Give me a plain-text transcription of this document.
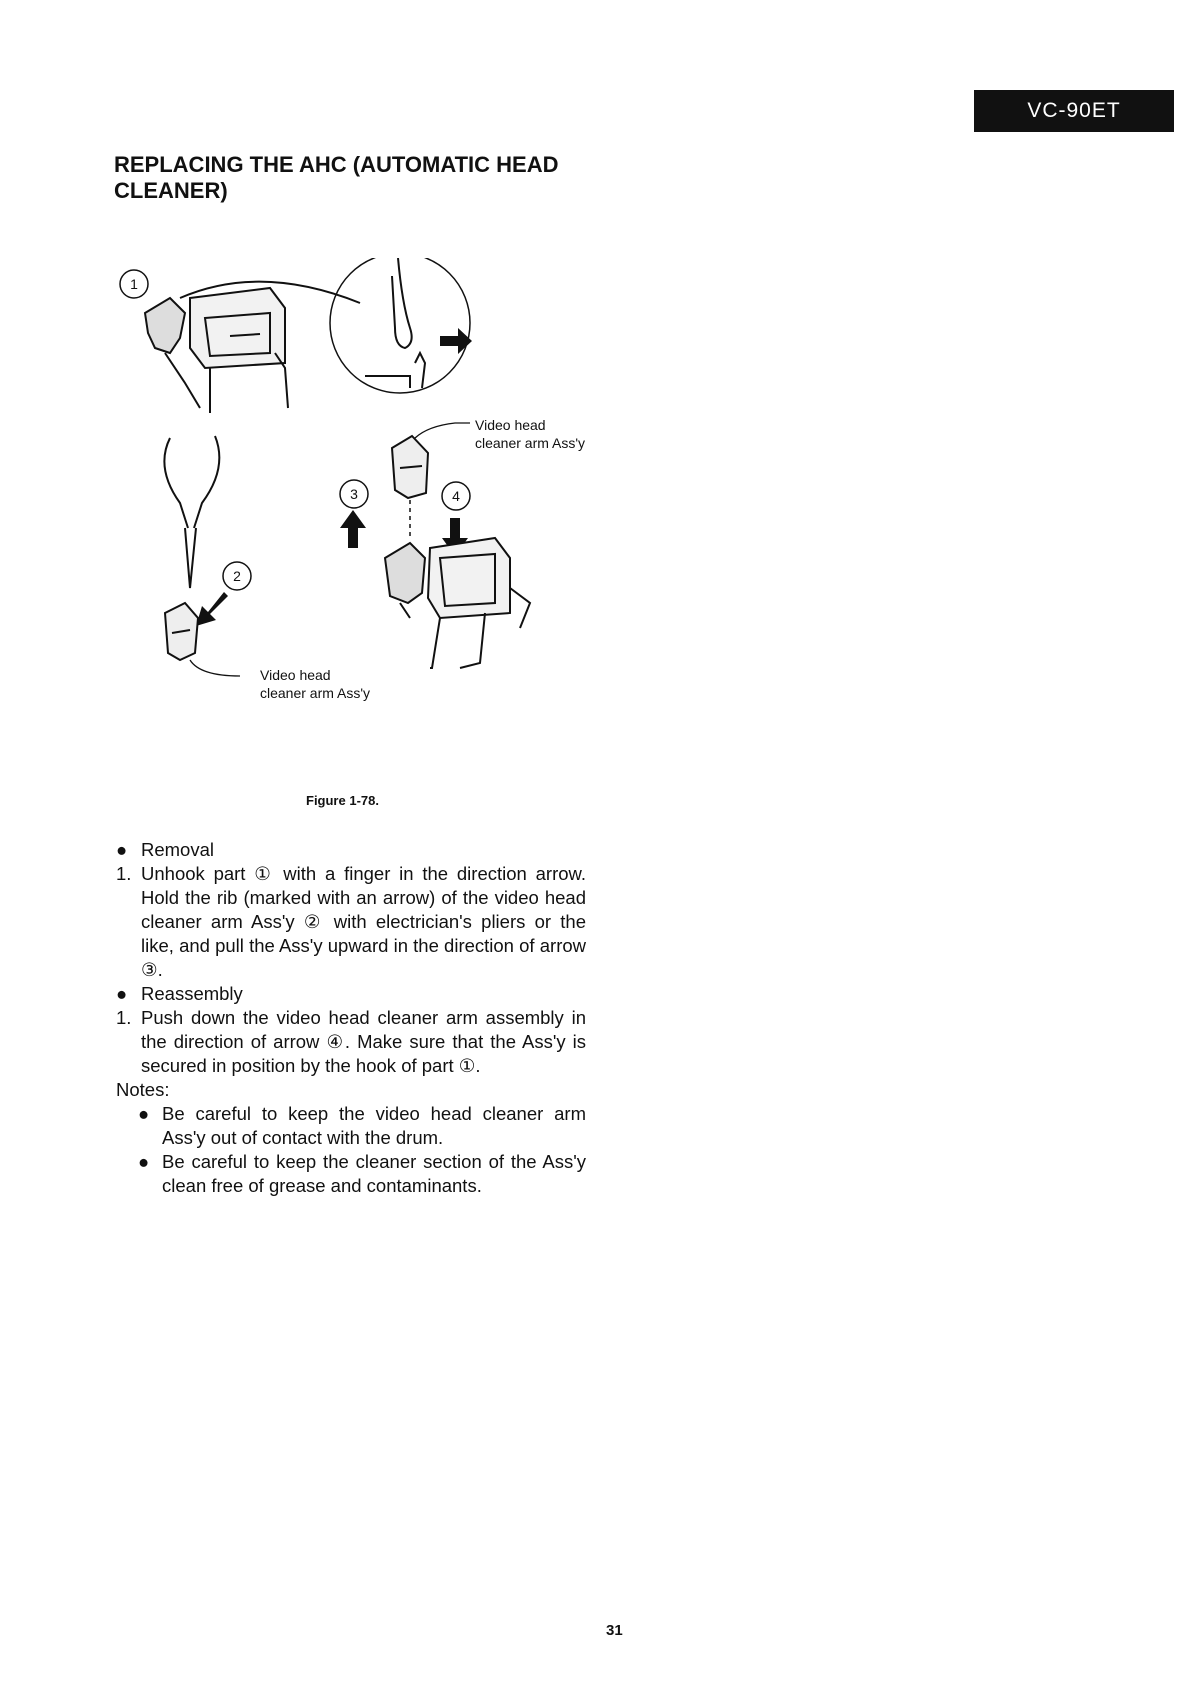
VC-90ET
REPLACING THE AHC (AUTOMATIC HEAD CLEANER)
1
2
Video head
cleaner arm Ass'y
Video head
cleaner arm Ass'y
3	4
Figure 1-78.
● Removal
1. Unhook part ① with a finger in the direction arrow. Hold the rib (marked with an arrow) of the video head cleaner arm Ass'y ② with electrician's pliers or the like, and pull the Ass'y upward in the direction of arrow ③.
● Reassembly
1. Push down the video head cleaner arm assembly in the direction of arrow ④. Make sure that the Ass'y is secured in position by the hook of part ①.
Notes:
● Be careful to keep the video head cleaner arm Ass'y out of contact with the drum.
● Be careful to keep the cleaner section of the Ass'y clean free of grease and contaminants.
31
